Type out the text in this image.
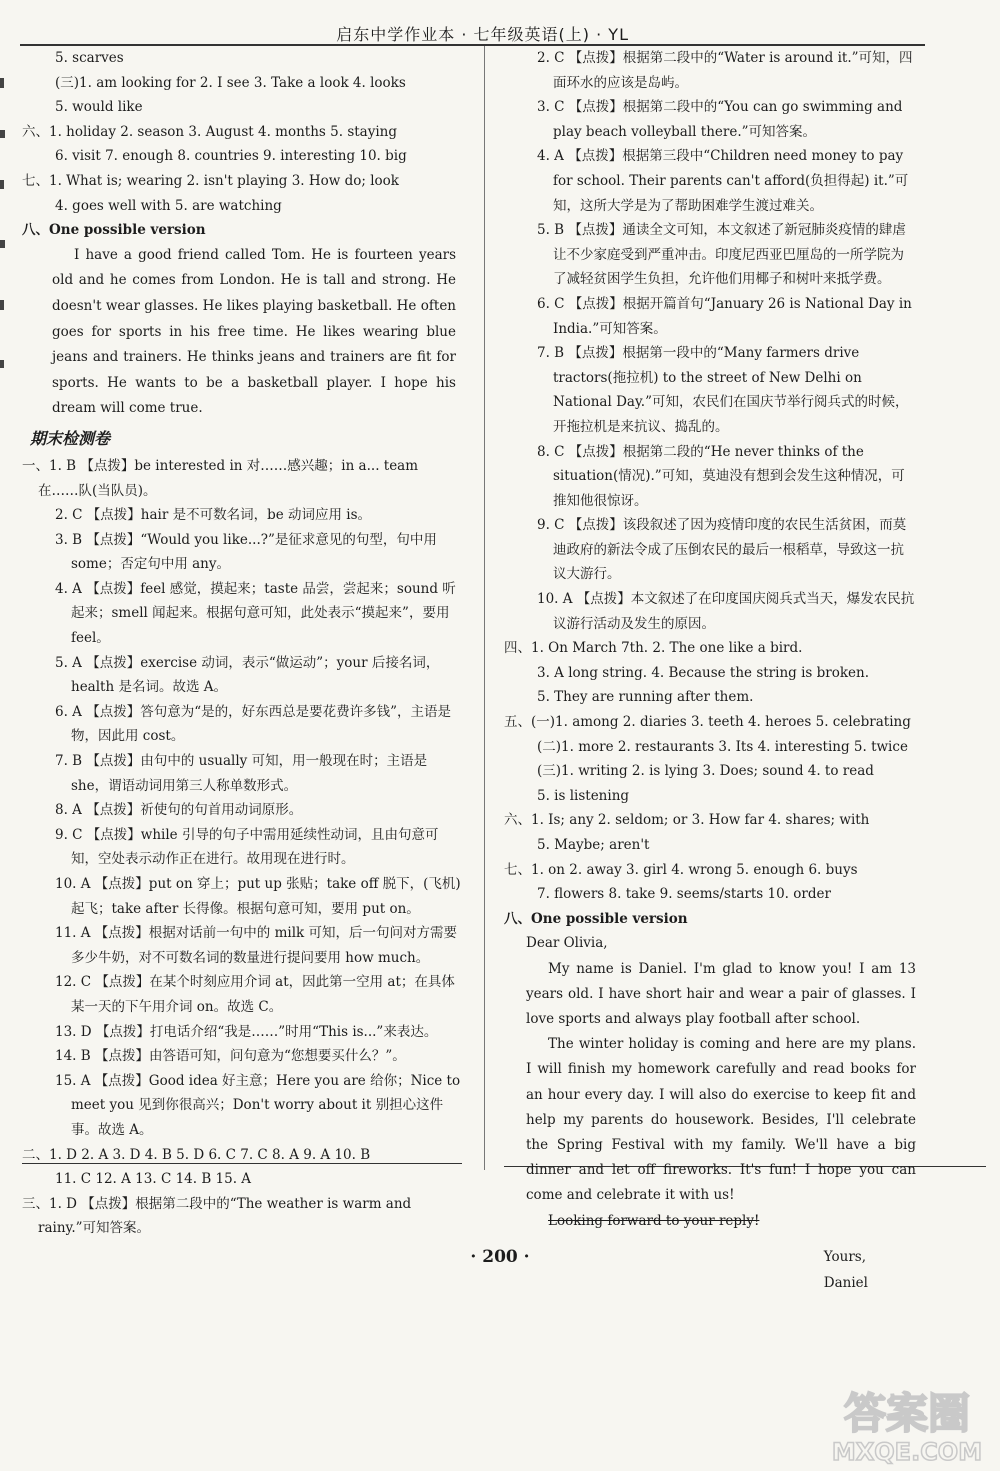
启东中学作业本 · 七年级英语(上) · YL
5. scarves
(三)1. am looking for 2. I see 3. Take a look 4. looks
5. would like
六、1. holiday 2. season 3. August 4. months 5. staying
6. visit 7. enough 8. countries 9. interesting 10. big
七、1. What is; wearing 2. isn't playing 3. How do; look
4. goes well with 5. are watching
八、One possible version

I have a good friend called Tom. He is fourteen years old and he comes from London. He is tall and strong. He doesn't wear glasses. He likes playing basketball. He often goes for sports in his free time. He likes wearing blue jeans and trainers. He thinks jeans and trainers are fit for sports. He wants to be a basketball player. I hope his dream will come true.

期末检测卷
一、1. B 【点拨】be interested in 对……感兴趣；in a... team 在……队(当队员)。
2. C 【点拨】hair 是不可数名词，be 动词应用 is。
3. B 【点拨】“Would you like...?”是征求意见的句型，句中用 some；否定句中用 any。
4. A 【点拨】feel 感觉，摸起来；taste 品尝，尝起来；sound 听起来；smell 闻起来。根据句意可知，此处表示“摸起来”，要用 feel。
5. A 【点拨】exercise 动词，表示“做运动”；your 后接名词，health 是名词。故选 A。
6. A 【点拨】答句意为“是的，好东西总是要花费许多钱”，主语是物，因此用 cost。
7. B 【点拨】由句中的 usually 可知，用一般现在时；主语是 she，谓语动词用第三人称单数形式。
8. A 【点拨】祈使句的句首用动词原形。
9. C 【点拨】while 引导的句子中需用延续性动词，且由句意可知，空处表示动作正在进行。故用现在进行时。
10. A 【点拨】put on 穿上；put up 张贴；take off 脱下，(飞机)起飞；take after 长得像。根据句意可知，要用 put on。
11. A 【点拨】根据对话前一句中的 milk 可知，后一句问对方需要多少牛奶，对不可数名词的数量进行提问要用 how much。
12. C 【点拨】在某个时刻应用介词 at，因此第一空用 at；在具体某一天的下午用介词 on。故选 C。
13. D 【点拨】打电话介绍“我是……”时用“This is...”来表达。
14. B 【点拨】由答语可知，问句意为“您想要买什么？”。
15. A 【点拨】Good idea 好主意；Here you are 给你；Nice to meet you 见到你很高兴；Don't worry about it 别担心这件事。故选 A。
二、1. D 2. A 3. D 4. B 5. D 6. C 7. C 8. A 9. A 10. B
11. C 12. A 13. C 14. B 15. A
三、1. D 【点拨】根据第二段中的“The weather is warm and rainy.”可知答案。
2. C 【点拨】根据第二段中的“Water is around it.”可知，四面环水的应该是岛屿。
3. C 【点拨】根据第二段中的“You can go swimming and play beach volleyball there.”可知答案。
4. A 【点拨】根据第三段中“Children need money to pay for school. Their parents can't afford(负担得起) it.”可知，这所大学是为了帮助困难学生渡过难关。
5. B 【点拨】通读全文可知，本文叙述了新冠肺炎疫情的肆虐让不少家庭受到严重冲击。印度尼西亚巴厘岛的一所学院为了减轻贫困学生负担，允许他们用椰子和树叶来抵学费。
6. C 【点拨】根据开篇首句“January 26 is National Day in India.”可知答案。
7. B 【点拨】根据第一段中的“Many farmers drive tractors(拖拉机) to the street of New Delhi on National Day.”可知，农民们在国庆节举行阅兵式的时候，开拖拉机是来抗议、捣乱的。
8. C 【点拨】根据第二段的“He never thinks of the situation(情况).”可知，莫迪没有想到会发生这种情况，可推知他很惊讶。
9. C 【点拨】该段叙述了因为疫情印度的农民生活贫困，而莫迪政府的新法令成了压倒农民的最后一根稻草，导致这一抗议大游行。
10. A 【点拨】本文叙述了在印度国庆阅兵式当天，爆发农民抗议游行活动及发生的原因。
四、1. On March 7th. 2. The one like a bird.
3. A long string. 4. Because the string is broken.
5. They are running after them.
五、(一)1. among 2. diaries 3. teeth 4. heroes 5. celebrating
(二)1. more 2. restaurants 3. Its 4. interesting 5. twice
(三)1. writing 2. is lying 3. Does; sound 4. to read
5. is listening
六、1. Is; any 2. seldom; or 3. How far 4. shares; with
5. Maybe; aren't
七、1. on 2. away 3. girl 4. wrong 5. enough 6. buys
7. flowers 8. take 9. seems/starts 10. order
八、One possible version

Dear Olivia,

My name is Daniel. I'm glad to know you! I am 13 years old. I have short hair and wear a pair of glasses. I love sports and always play football after school.

The winter holiday is coming and here are my plans. I will finish my homework carefully and read books for an hour every day. I will also do exercise to keep fit and help my parents do housework. Besides, I'll celebrate the Spring Festival with my family. We'll have a big dinner and let off fireworks. It's fun! I hope you can come and celebrate it with us!

Looking forward to your reply!

Yours,
Daniel
· 200 ·
答案圈
MXQE.COM
